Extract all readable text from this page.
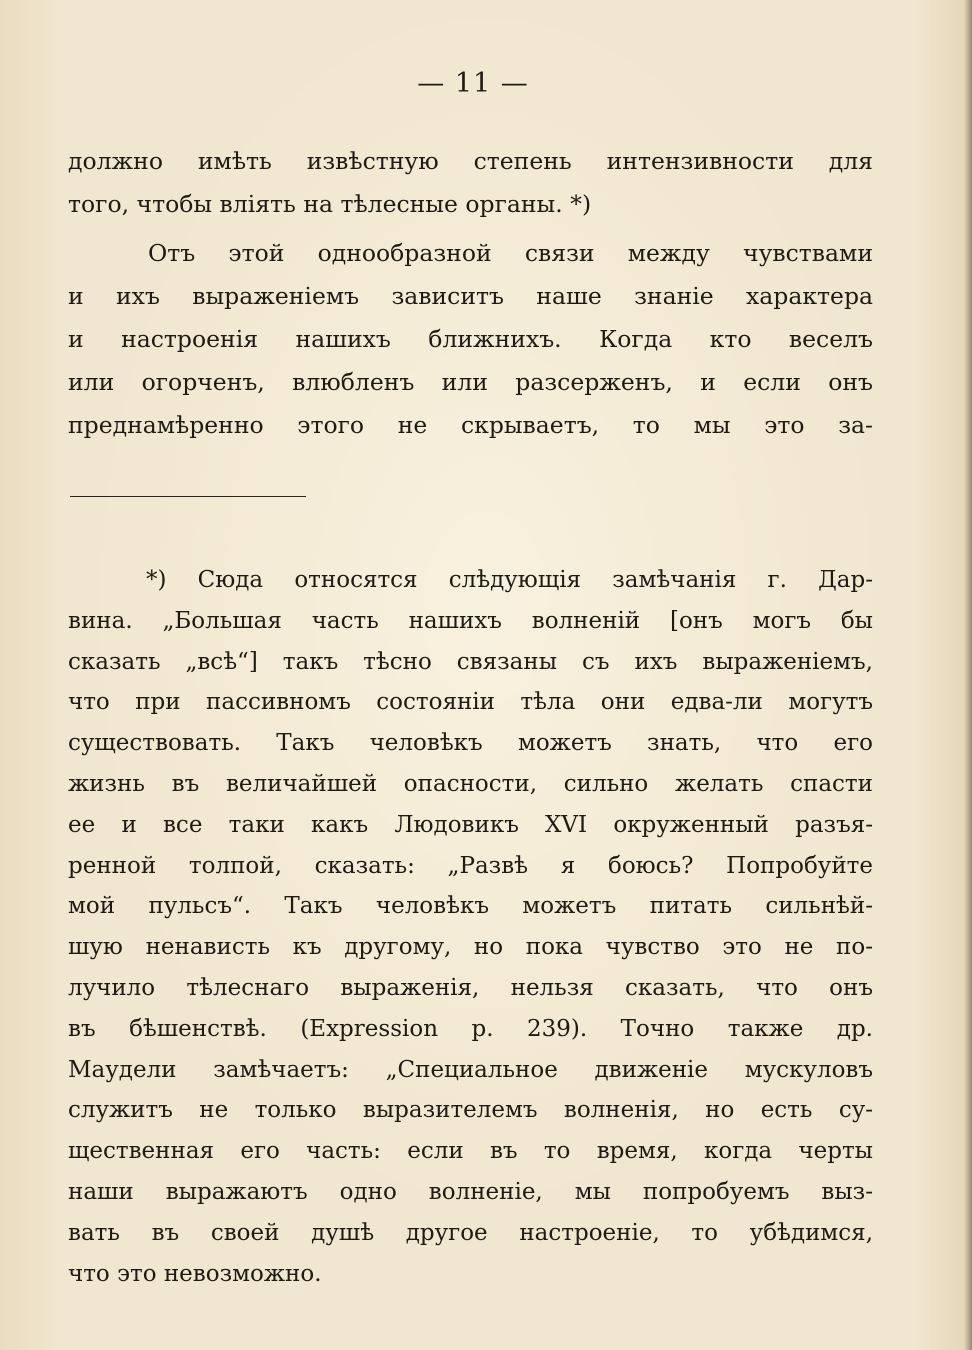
— 11 —
должно имѣть извѣстную степень интензивности для
того, чтобы влiять на тѣлесные органы. *)
Отъ этой однообразной связи между чувствами
и ихъ выраженiемъ зависитъ наше знанiе характера
и настроенiя нашихъ ближнихъ. Когда кто веселъ
или огорченъ, влюбленъ или разсерженъ, и если онъ
преднамѣренно этого не скрываетъ, то мы это за-
*) Сюда относятся слѣдующiя замѣчанiя г. Дар-
вина. „Большая часть нашихъ волненiй [онъ могъ бы
сказать „всѣ“] такъ тѣсно связаны съ ихъ выраженiемъ,
что при пассивномъ состоянiи тѣла они едва-ли могутъ
существовать. Такъ человѣкъ можетъ знать, что его
жизнь въ величайшей опасности, сильно желать спасти
ее и все таки какъ Людовикъ XVI окруженный разъя-
ренной толпой, сказать: „Развѣ я боюсь? Попробуйте
мой пульсъ“. Такъ человѣкъ можетъ питать сильнѣй-
шую ненависть къ другому, но пока чувство это не по-
лучило тѣлеснаго выраженiя, нельзя сказать, что онъ
въ бѣшенствѣ. (Expression p. 239). Точно также др.
Маудели замѣчаетъ: „Специальное движенiе мускуловъ
служитъ не только выразителемъ волненiя, но есть су-
щественная его часть: если въ то время, когда черты
наши выражаютъ одно волненiе, мы попробуемъ выз-
вать въ своей душѣ другое настроенiе, то убѣдимся,
что это невозможно.
